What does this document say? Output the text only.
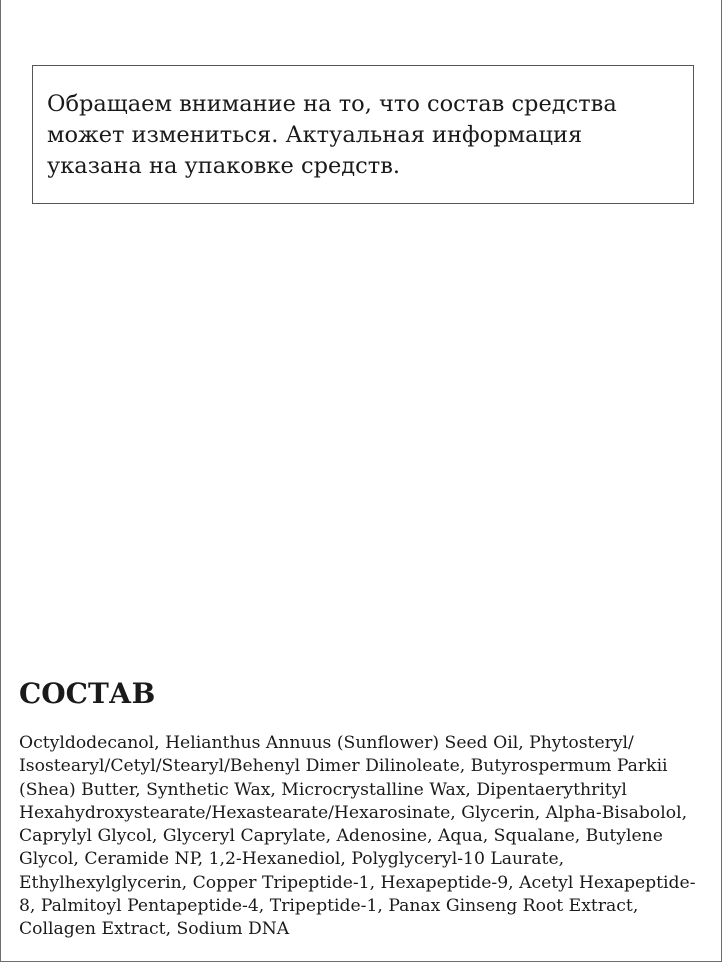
Обращаем внимание на то, что состав средства может измениться. Актуальная информация указана на упаковке средств.

СОСТАВ

Octyldodecanol, Helianthus Annuus (Sunflower) Seed Oil, Phytosteryl/ Isostearyl/Cetyl/Stearyl/Behenyl Dimer Dilinoleate, Butyrospermum Parkii (Shea) Butter, Synthetic Wax, Microcrystalline Wax, Dipentaerythrityl Hexahydroxystearate/Hexastearate/Hexarosinate, Glycerin, Alpha-Bisabolol, Caprylyl Glycol, Glyceryl Caprylate, Adenosine, Aqua, Squalane, Butylene Glycol, Ceramide NP, 1,2-Hexanediol, Polyglyceryl-10 Laurate, Ethylhexylglycerin, Copper Tripeptide-1, Hexapeptide-9, Acetyl Hexapeptide-8, Palmitoyl Pentapeptide-4, Tripeptide-1, Panax Ginseng Root Extract, Collagen Extract, Sodium DNA
